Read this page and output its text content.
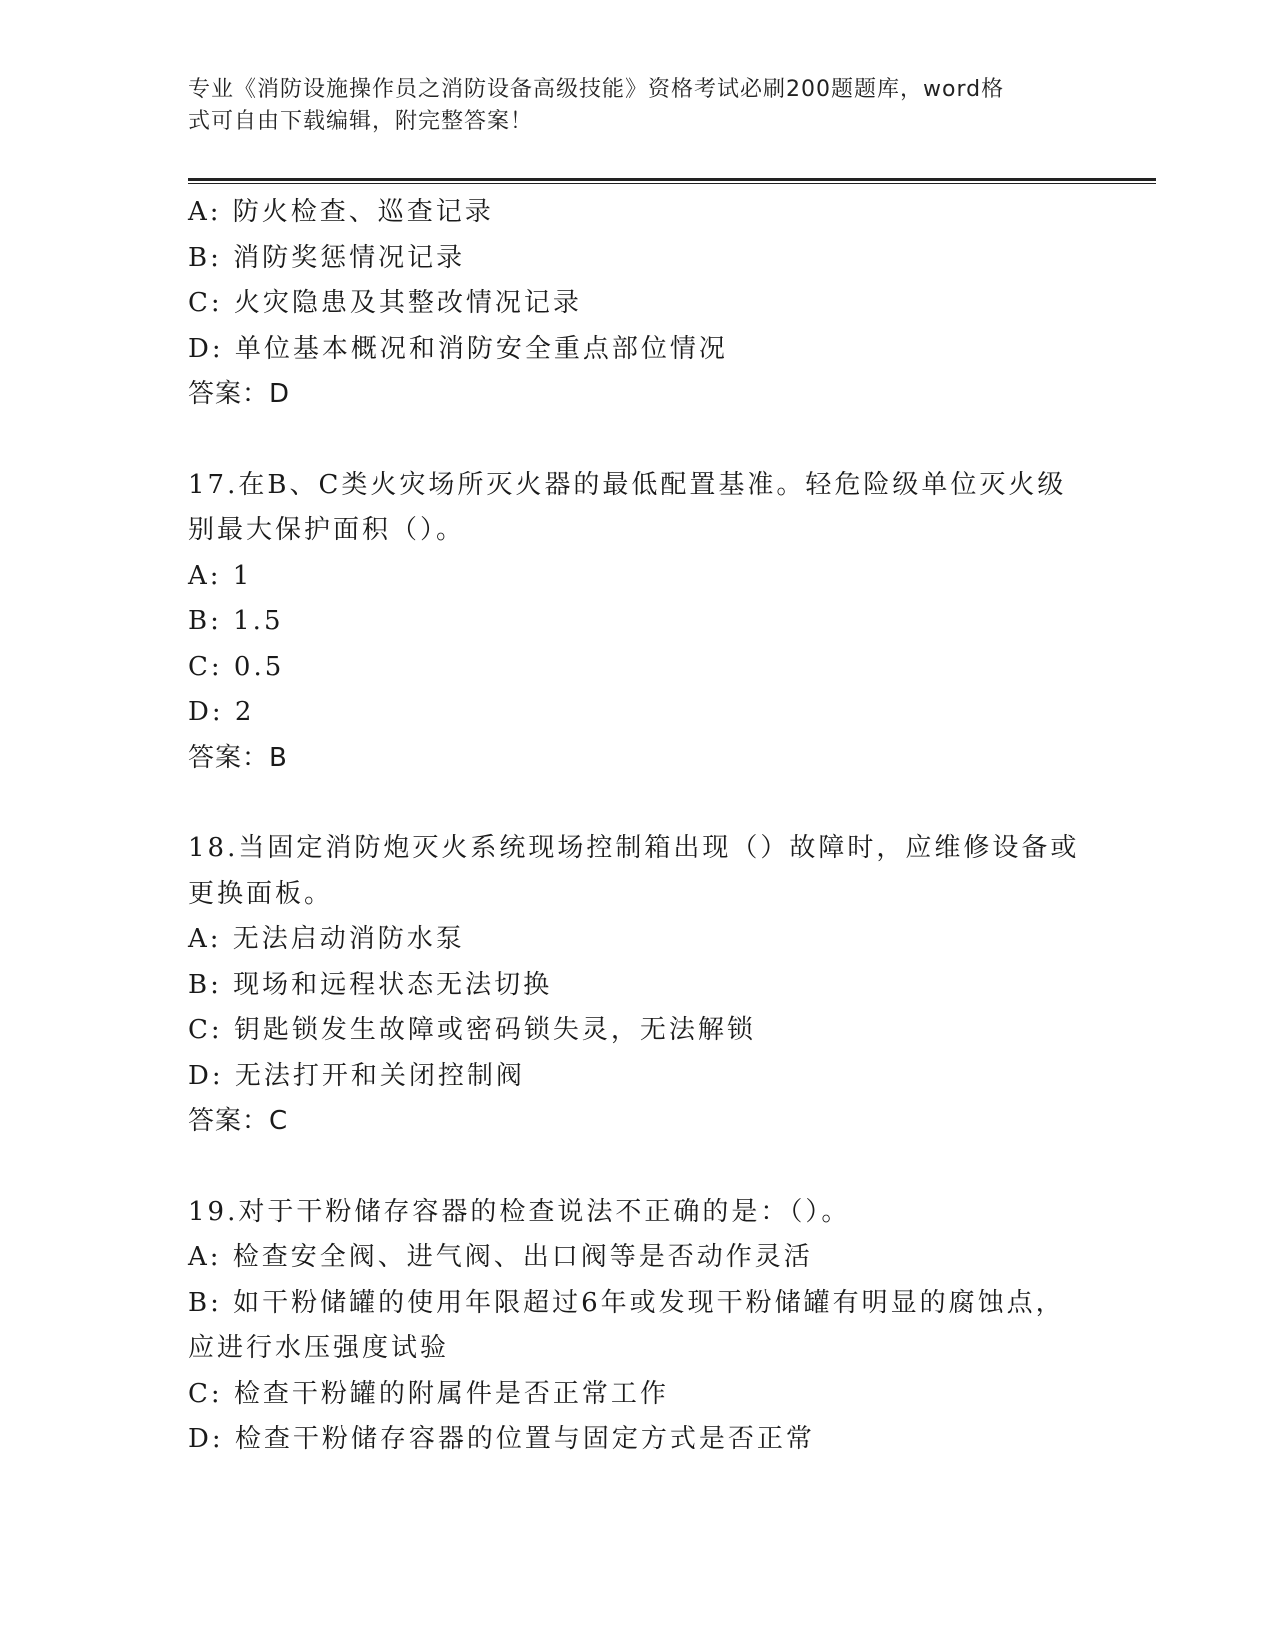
专业《消防设施操作员之消防设备高级技能》资格考试必刷200题题库，word格
式可自由下载编辑，附完整答案！
A: 防火检查、巡查记录
B: 消防奖惩情况记录
C: 火灾隐患及其整改情况记录
D: 单位基本概况和消防安全重点部位情况
答案：D
17.在B、C类火灾场所灭火器的最低配置基准。轻危险级单位灭火级
别最大保护面积（）。
A: 1
B: 1.5
C: 0.5
D: 2
答案：B
18.当固定消防炮灭火系统现场控制箱出现（）故障时，应维修设备或
更换面板。
A: 无法启动消防水泵
B: 现场和远程状态无法切换
C: 钥匙锁发生故障或密码锁失灵，无法解锁
D: 无法打开和关闭控制阀
答案：C
19.对于干粉储存容器的检查说法不正确的是：（）。
A: 检查安全阀、进气阀、出口阀等是否动作灵活
B: 如干粉储罐的使用年限超过6年或发现干粉储罐有明显的腐蚀点，
应进行水压强度试验
C: 检查干粉罐的附属件是否正常工作
D: 检查干粉储存容器的位置与固定方式是否正常
